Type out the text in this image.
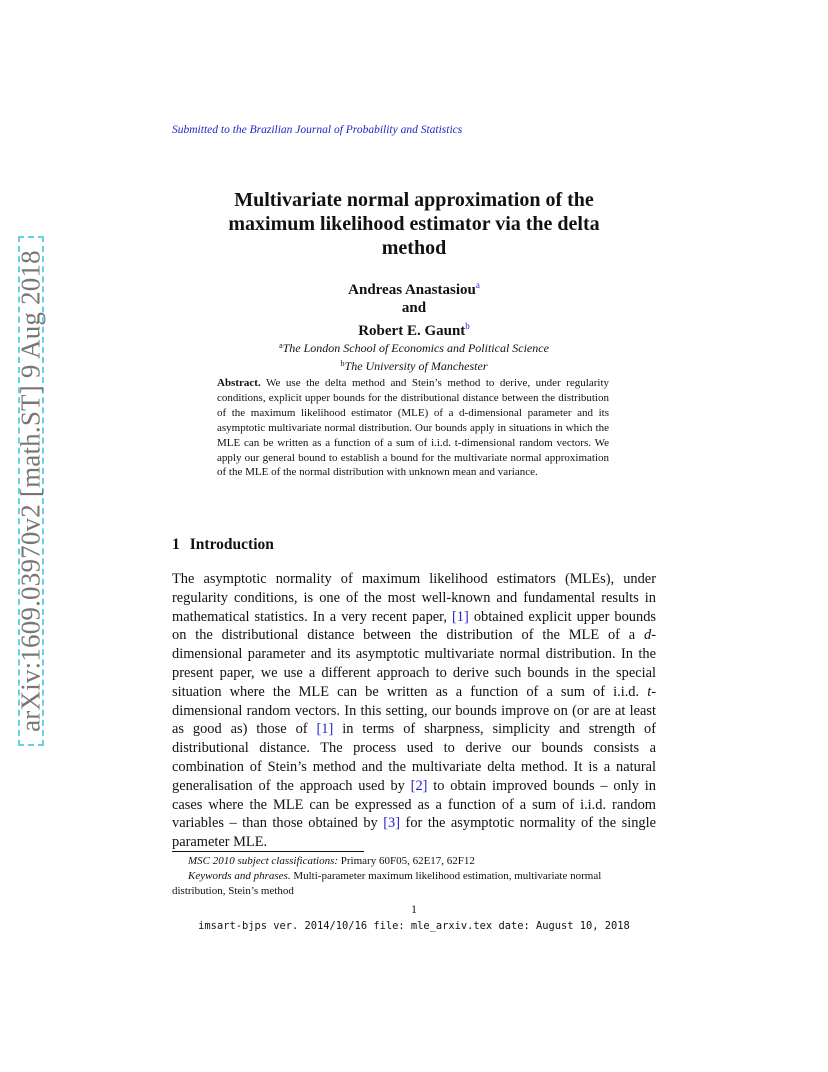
Submitted to the Brazilian Journal of Probability and Statistics
arXiv:1609.03970v2 [math.ST] 9 Aug 2018
Multivariate normal approximation of the
maximum likelihood estimator via the delta
method
Andreas Anastasiou$^a$
and
Robert E. Gaunt$^b$
$^a$The London School of Economics and Political Science
$^b$The University of Manchester
Abstract. We use the delta method and Stein’s method to derive, under regularity conditions, explicit upper bounds for the distributional distance between the distribution of the maximum likelihood estimator (MLE) of a d-dimensional parameter and its asymptotic multivariate normal distribution. Our bounds apply in situations in which the MLE can be written as a function of a sum of i.i.d. t-dimensional random vectors. We apply our general bound to establish a bound for the multivariate normal approximation of the MLE of the normal distribution with unknown mean and variance.
1 Introduction
The asymptotic normality of maximum likelihood estimators (MLEs), under regularity conditions, is one of the most well-known and fundamental results in mathematical statistics. In a very recent paper, [1] obtained explicit upper bounds on the distributional distance between the distribution of the MLE of a d-dimensional parameter and its asymptotic multivariate normal distribution. In the present paper, we use a different approach to derive such bounds in the special situation where the MLE can be written as a function of a sum of i.i.d. t-dimensional random vectors. In this setting, our bounds improve on (or are at least as good as) those of [1] in terms of sharpness, simplicity and strength of distributional distance. The process used to derive our bounds consists a combination of Stein’s method and the multivariate delta method. It is a natural generalisation of the approach used by [2] to obtain improved bounds – only in cases where the MLE can be expressed as a function of a sum of i.i.d. random variables – than those obtained by [3] for the asymptotic normality of the single parameter MLE.

MSC 2010 subject classifications: Primary 60F05, 62E17, 62F12

Keywords and phrases. Multi-parameter maximum likelihood estimation, multivariate normal distribution, Stein’s method

1
imsart-bjps ver. 2014/10/16 file: mle_arxiv.tex date: August 10, 2018
